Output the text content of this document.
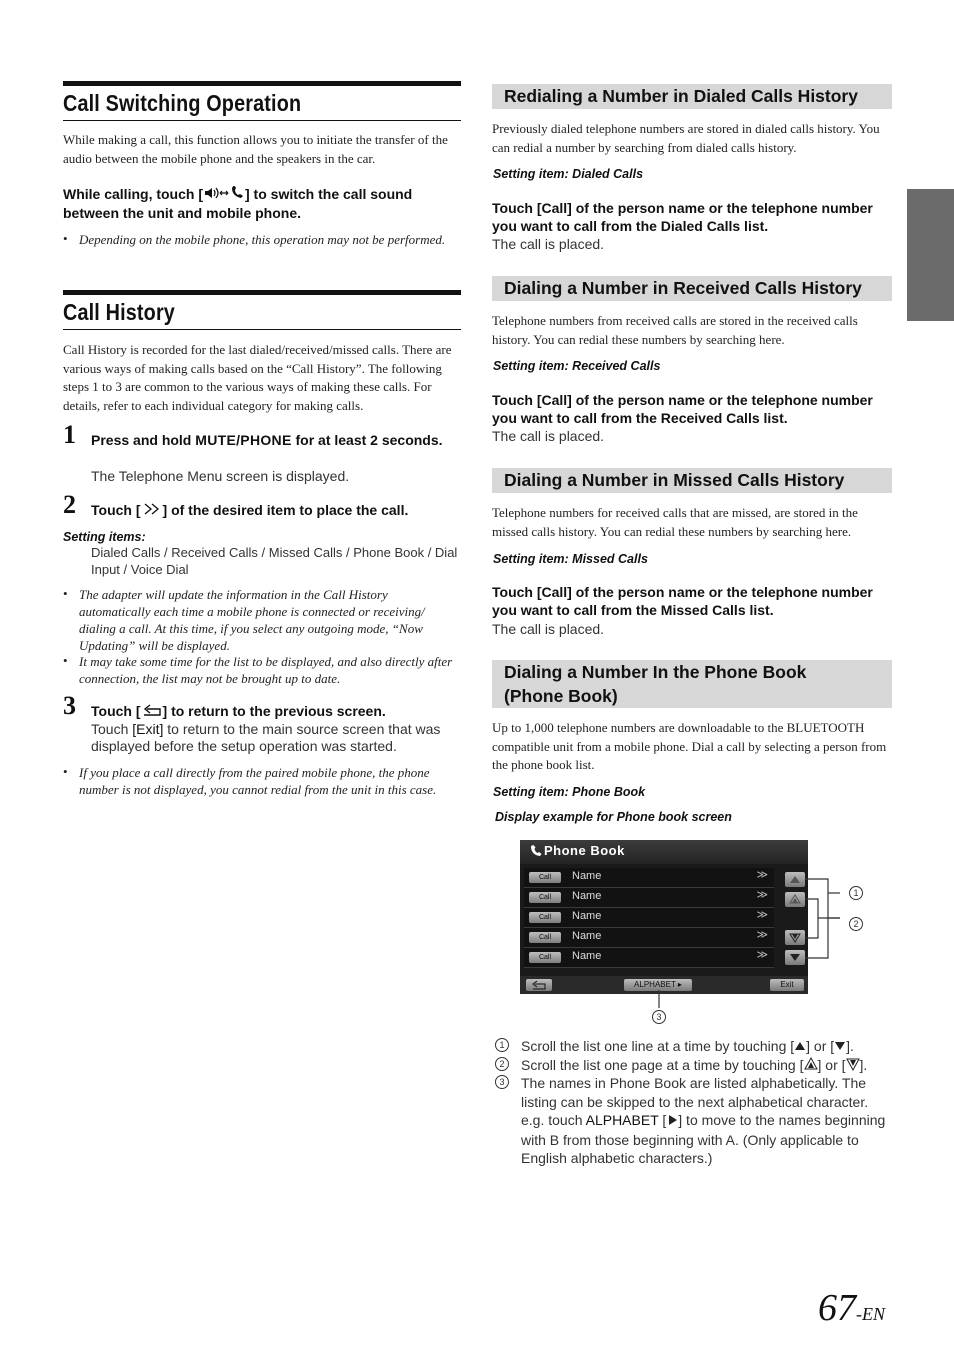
Call Switching Operation
While making a call, this function allows you to initiate the transfer of the audio between the mobile phone and the speakers in the car.
While calling, touch [	] to switch the call sound between the unit and mobile phone.
• Depending on the mobile phone, this operation may not be performed.
Call History
Call History is recorded for the last dialed/received/missed calls. There are various ways of making calls based on the “Call History”. The following steps 1 to 3 are common to the various ways of making these calls. For details, refer to each individual category for making calls.
1 Press and hold MUTE/PHONE for at least 2 seconds.
The Telephone Menu screen is displayed.
2 Touch [ ] of the desired item to place the call.
Setting items:
Dialed Calls / Received Calls / Missed Calls / Phone Book / Dial Input / Voice Dial
• The adapter will update the information in the Call History automatically each time a mobile phone is connected or receiving/ dialing a call. At this time, if you select any outgoing mode, “Now Updating” will be displayed.
• It may take some time for the list to be displayed, and also directly after connection, the list may not be brought up to date.
3 Touch [ ] to return to the previous screen.
Touch [Exit] to return to the main source screen that was displayed before the setup operation was started.
• If you place a call directly from the paired mobile phone, the phone number is not displayed, you cannot redial from the unit in this case.
Redialing a Number in Dialed Calls History
Previously dialed telephone numbers are stored in dialed calls history. You can redial a number by searching from dialed calls history.
Setting item: Dialed Calls
Touch [Call] of the person name or the telephone number you want to call from the Dialed Calls list.
The call is placed.
Dialing a Number in Received Calls History
Telephone numbers from received calls are stored in the received calls history. You can redial these numbers by searching here.
Setting item: Received Calls
Touch [Call] of the person name or the telephone number you want to call from the Received Calls list.
The call is placed.
Dialing a Number in Missed Calls History
Telephone numbers for received calls that are missed, are stored in the missed calls history. You can redial these numbers by searching here.
Setting item: Missed Calls
Touch [Call] of the person name or the telephone number you want to call from the Missed Calls list.
The call is placed.
Dialing a Number In the Phone Book
(Phone Book)
Up to 1,000 telephone numbers are downloadable to the BLUETOOTH compatible unit from a mobile phone. Dial a call by selecting a person from the phone book list.
Setting item: Phone Book
Display example for Phone book screen
Phone Book
Call	Name	≫
Call	Name	≫
Call	Name	≫
Call	Name	≫
Call	Name	≫
ALPHABET ▸	Exit
1
2
3
1	Scroll the list one line at a time by touching [ ] or [ ].
2	Scroll the list one page at a time by touching [ ] or [ ].
3	The names in Phone Book are listed alphabetically. The listing can be skipped to the next alphabetical character. e.g. touch ALPHABET [ ] to move to the names beginning with B from those beginning with A. (Only applicable to English alphabetic characters.)
67-EN
